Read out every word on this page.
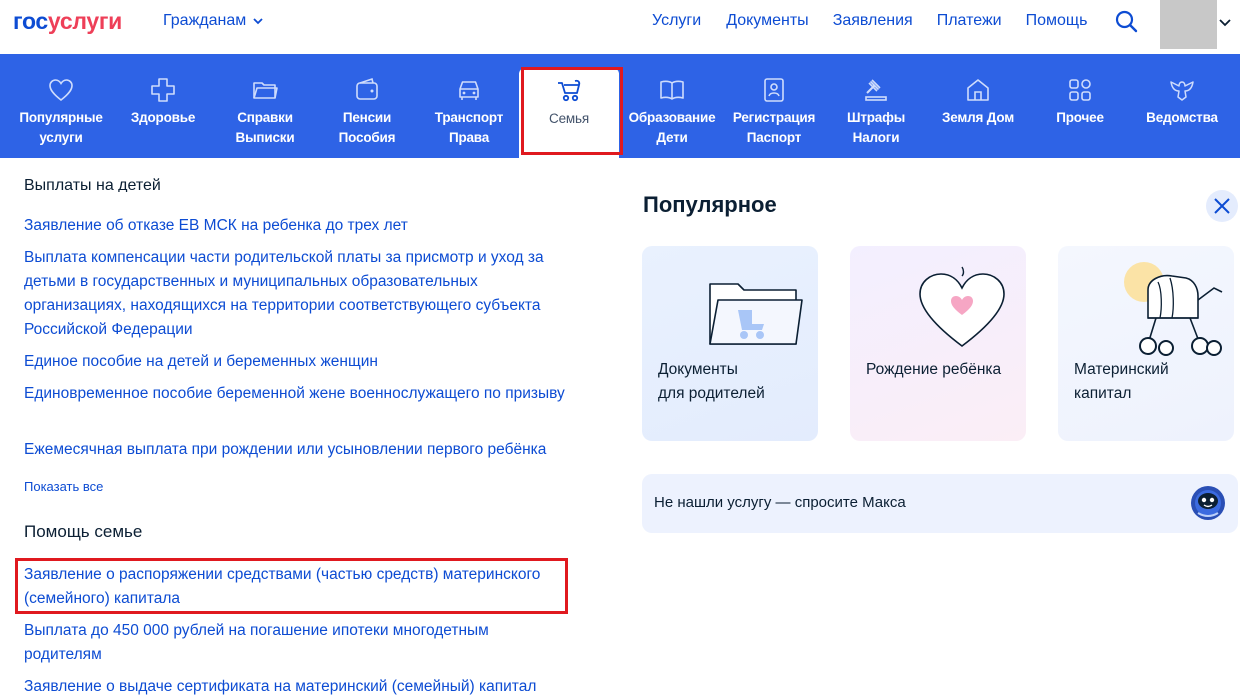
госуслуги	Гражданам	Услуги Документы Заявления Платежи Помощь
Популярные
услуги
Здоровье	Справки
Выписки
Пенсии
Пособия
Транспорт
Права
Семья	Образование
Дети
Регистрация
Паспорт
Штрафы
Налоги
Земля Дом	Прочее	Ведомства
Выплаты на детей
Заявление об отказе ЕВ МСК на ребенка до трех лет
Выплата компенсации части родительской платы за присмотр и уход за детьми в государственных и муниципальных образовательных организациях, находящихся на территории соответствующего субъекта Российской Федерации
Единое пособие на детей и беременных женщин
Единовременное пособие беременной жене военнослужащего по призыву
Ежемесячная выплата при рождении или усыновлении первого ребёнка
Показать все
Помощь семье
Заявление о распоряжении средствами (частью средств) материнского (семейного) капитала
Выплата до 450 000 рублей на погашение ипотеки многодетным родителям
Заявление о выдаче сертификата на материнский (семейный) капитал
Популярное
Документы
для родителей
Рождение ребёнка	Материнский
капитал
Не нашли услугу — спросите Макса
